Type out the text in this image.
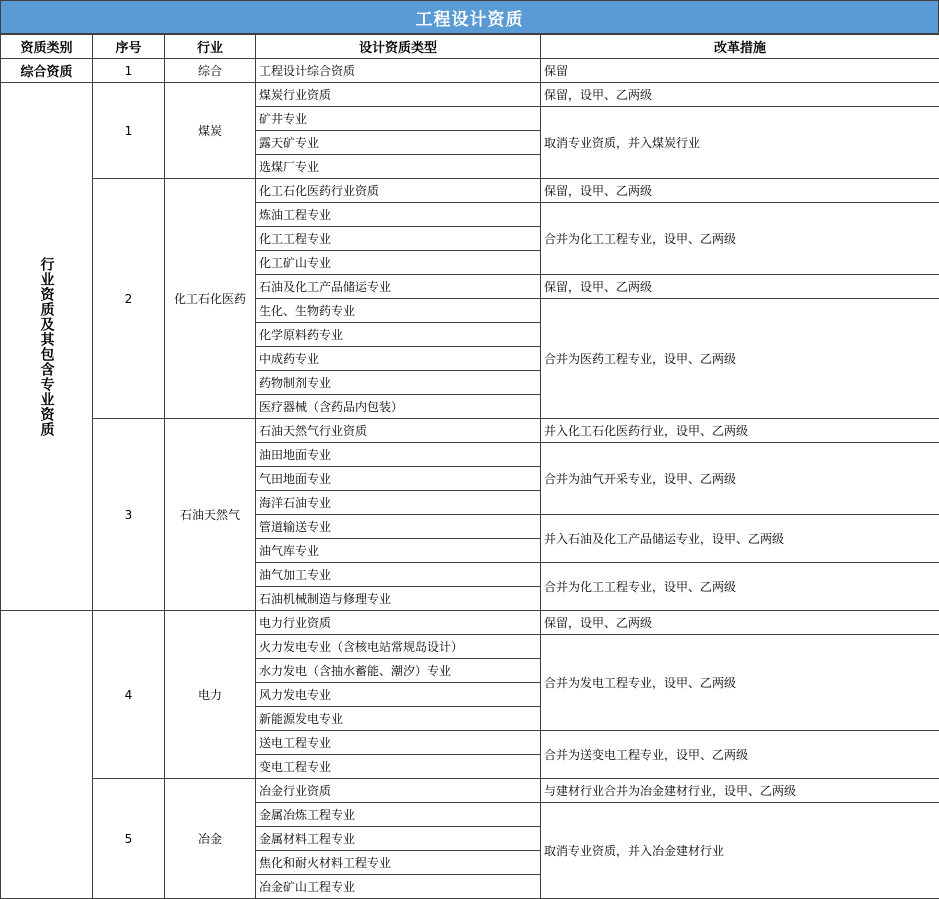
工程设计资质
资质类别	序号	行业	设计资质类型	改革措施
综合资质	1	综合	工程设计综合资质	保留

行业资质及其包含专业资质	1	煤炭	煤炭行业资质	保留，设甲、乙两级
			矿井专业	取消专业资质，并入煤炭行业
			露天矿专业	
			选煤厂专业	
	2	化工石化医药	化工石化医药行业资质	保留，设甲、乙两级
			炼油工程专业	合并为化工工程专业，设甲、乙两级
			化工工程专业	
			化工矿山专业	
			石油及化工产品储运专业	保留，设甲、乙两级
			生化、生物药专业	合并为医药工程专业，设甲、乙两级
			化学原料药专业	
			中成药专业	
			药物制剂专业	
			医疗器械（含药品内包装）	
	3	石油天然气	石油天然气行业资质	并入化工石化医药行业，设甲、乙两级
			油田地面专业	合并为油气开采专业，设甲、乙两级
			气田地面专业	
			海洋石油专业	
			管道输送专业	并入石油及化工产品储运专业，设甲、乙两级
			油气库专业	
			油气加工专业	合并为化工工程专业，设甲、乙两级
			石油机械制造与修理专业	
	4	电力	电力行业资质	保留，设甲、乙两级
			火力发电专业（含核电站常规岛设计）	合并为发电工程专业，设甲、乙两级
			水力发电（含抽水蓄能、潮汐）专业	
			风力发电专业	
			新能源发电专业	
			送电工程专业	合并为送变电工程专业，设甲、乙两级
			变电工程专业	
	5	冶金	冶金行业资质	与建材行业合并为冶金建材行业，设甲、乙两级
			金属冶炼工程专业	取消专业资质，并入冶金建材行业
			金属材料工程专业	
			焦化和耐火材料工程专业	
			冶金矿山工程专业	
